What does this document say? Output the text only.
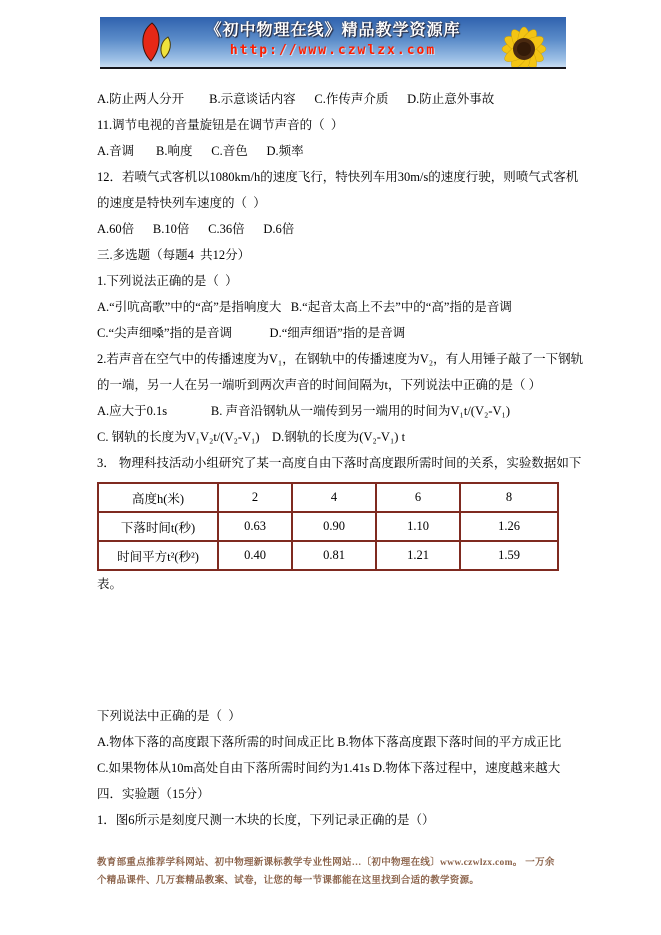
《初中物理在线》精品教学资源库
http://www.czwlzx.com
A.防止两人分开        B.示意谈话内容      C.作传声介质      D.防止意外事故
11.调节电视的音量旋钮是在调节声音的（  ）
A.音调       B.响度      C.音色      D.频率
12．若喷气式客机以1080km/h的速度飞行，特快列车用30m/s的速度行驶，则喷气式客机
的速度是特快列车速度的（  ）
A.60倍      B.10倍      C.36倍      D.6倍
三.多选题（每题4  共12分）
1.下列说法正确的是（  ）
A.“引吭高歌”中的“高”是指响度大   B.“起音太高上不去”中的“高”指的是音调
C.“尖声细嗓”指的是音调            D.“细声细语”指的是音调
2.若声音在空气中的传播速度为V₁，在钢轨中的传播速度为V₂，有人用锤子敲了一下钢轨
的一端，另一人在另一端听到两次声音的时间间隔为t，下列说法中正确的是（ ）
A.应大于0.1s              B. 声音沿钢轨从一端传到另一端用的时间为V₁t/(V₂-V₁)
C. 钢轨的长度为V₁V₂t/(V₂-V₁)    D.钢轨的长度为(V₂-V₁) t
3． 物理科技活动小组研究了某一高度自由下落时高度跟所需时间的关系，实验数据如下
高度h(米)	2	4	6	8
下落时间t(秒)	0.63	0.90	1.10	1.26
时间平方t²(秒²)	0.40	0.81	1.21	1.59
表。
下列说法中正确的是（  ）
A.物体下落的高度跟下落所需的时间成正比 B.物体下落高度跟下落时间的平方成正比
C.如果物体从10m高处自由下落所需时间约为1.41s D.物体下落过程中，速度越来越大
四．实验题（15分）
1．图6所示是刻度尺测一木块的长度，下列记录正确的是（）
教育部重点推荐学科网站、初中物理新课标教学专业性网站…〔初中物理在线〕www.czwlzx.com。 一万余
个精品课件、几万套精品教案、试卷，让您的每一节课都能在这里找到合适的教学资源。
